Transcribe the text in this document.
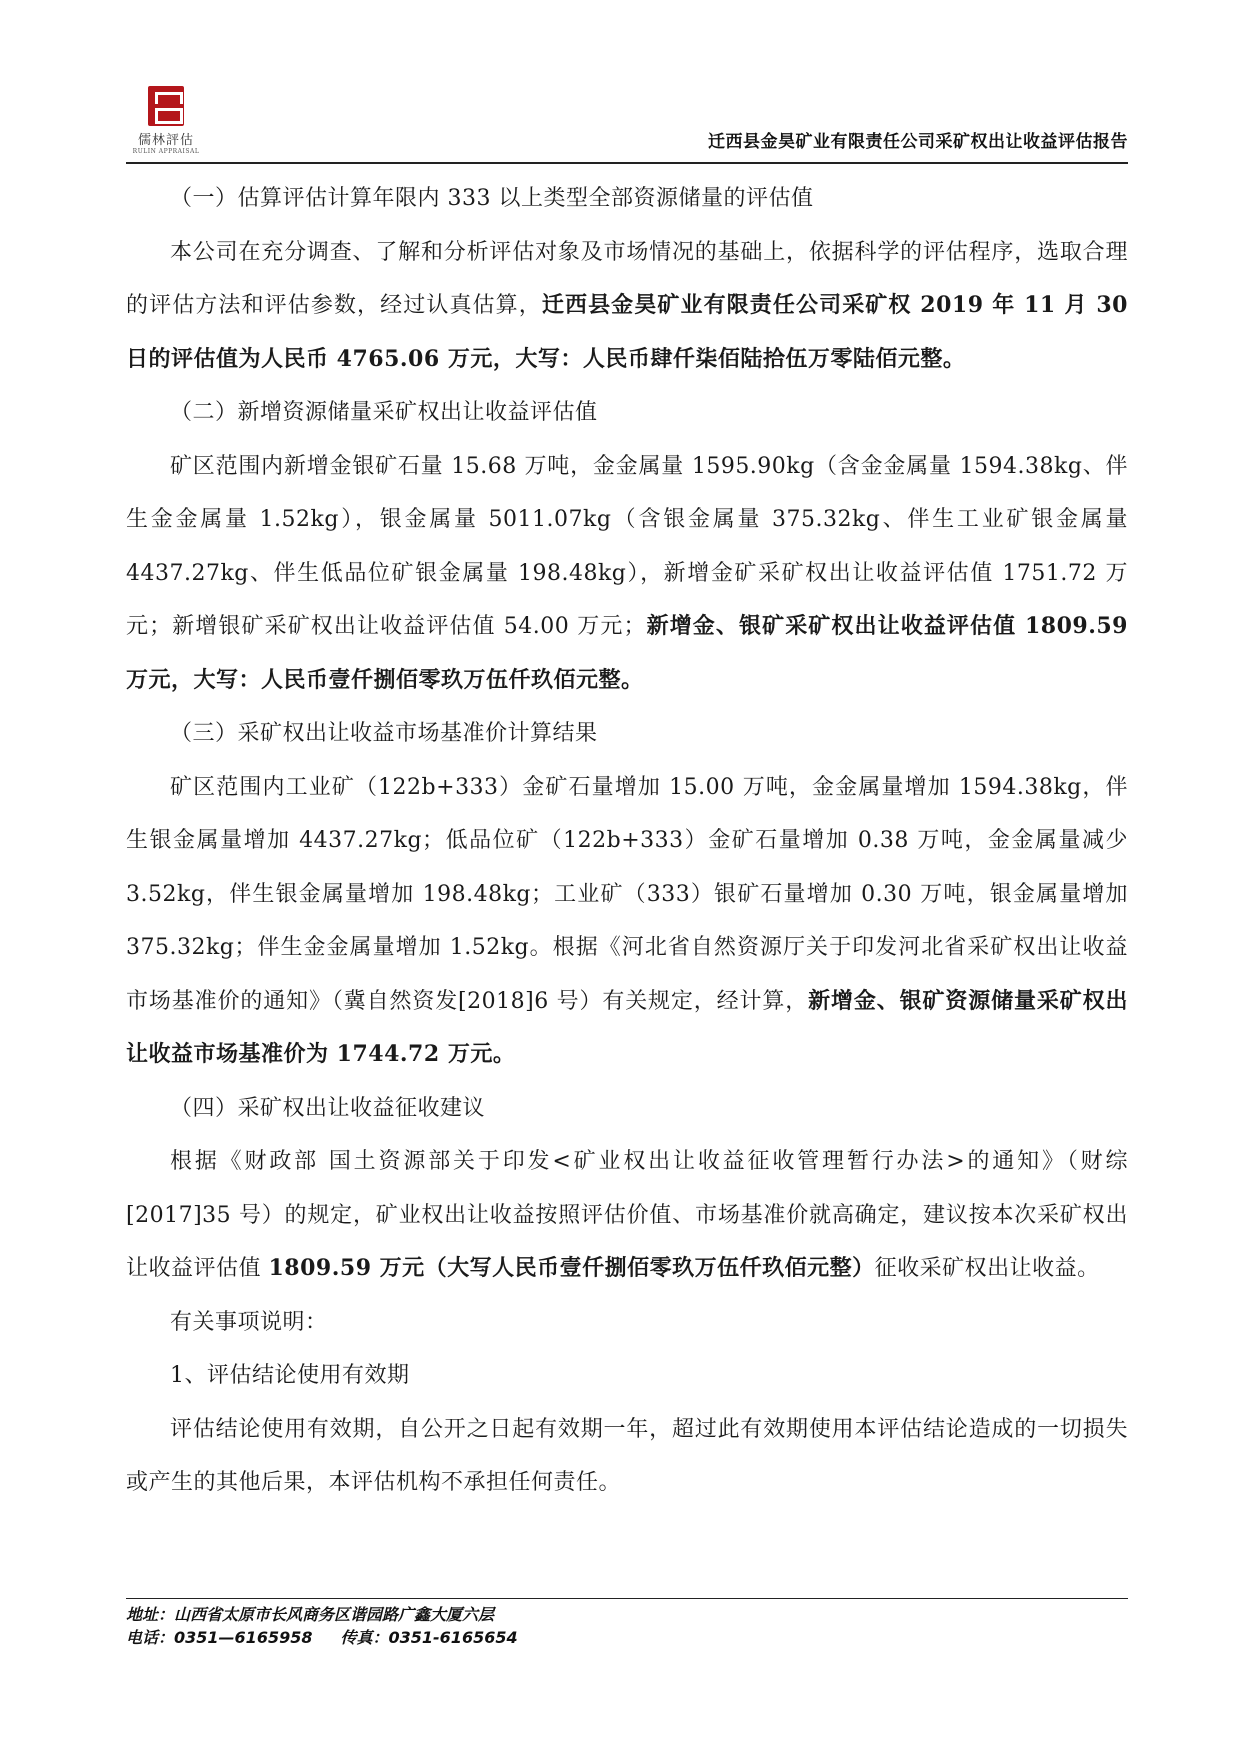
儒林評估
RULIN APPRAISAL	迁西县金昊矿业有限责任公司采矿权出让收益评估报告

（一）估算评估计算年限内 333 以上类型全部资源储量的评估值

本公司在充分调查、了解和分析评估对象及市场情况的基础上，依据科学的评估程序，选取合理的评估方法和评估参数，经过认真估算，迁西县金昊矿业有限责任公司采矿权 2019 年 11 月 30 日的评估值为人民币 4765.06 万元，大写：人民币肆仟柒佰陆拾伍万零陆佰元整。

（二）新增资源储量采矿权出让收益评估值

矿区范围内新增金银矿石量 15.68 万吨，金金属量 1595.90kg（含金金属量 1594.38kg、伴生金金属量 1.52kg），银金属量 5011.07kg（含银金属量 375.32kg、伴生工业矿银金属量 4437.27kg、伴生低品位矿银金属量 198.48kg），新增金矿采矿权出让收益评估值 1751.72 万元；新增银矿采矿权出让收益评估值 54.00 万元；新增金、银矿采矿权出让收益评估值 1809.59 万元，大写：人民币壹仟捌佰零玖万伍仟玖佰元整。

（三）采矿权出让收益市场基准价计算结果

矿区范围内工业矿（122b+333）金矿石量增加 15.00 万吨，金金属量增加 1594.38kg，伴生银金属量增加 4437.27kg；低品位矿（122b+333）金矿石量增加 0.38 万吨，金金属量减少 3.52kg，伴生银金属量增加 198.48kg；工业矿（333）银矿石量增加 0.30 万吨，银金属量增加 375.32kg；伴生金金属量增加 1.52kg。根据《河北省自然资源厅关于印发河北省采矿权出让收益市场基准价的通知》（冀自然资发[2018]6 号）有关规定，经计算，新增金、银矿资源储量采矿权出让收益市场基准价为 1744.72 万元。

（四）采矿权出让收益征收建议

根据《财政部 国土资源部关于印发<矿业权出让收益征收管理暂行办法>的通知》（财综[2017]35 号）的规定，矿业权出让收益按照评估价值、市场基准价就高确定，建议按本次采矿权出让收益评估值 1809.59 万元（大写人民币壹仟捌佰零玖万伍仟玖佰元整）征收采矿权出让收益。

有关事项说明：

1、评估结论使用有效期

评估结论使用有效期，自公开之日起有效期一年，超过此有效期使用本评估结论造成的一切损失或产生的其他后果，本评估机构不承担任何责任。

地址：山西省太原市长风商务区谐园路广鑫大厦六层
电话：0351—6165958 传真：0351-6165654
